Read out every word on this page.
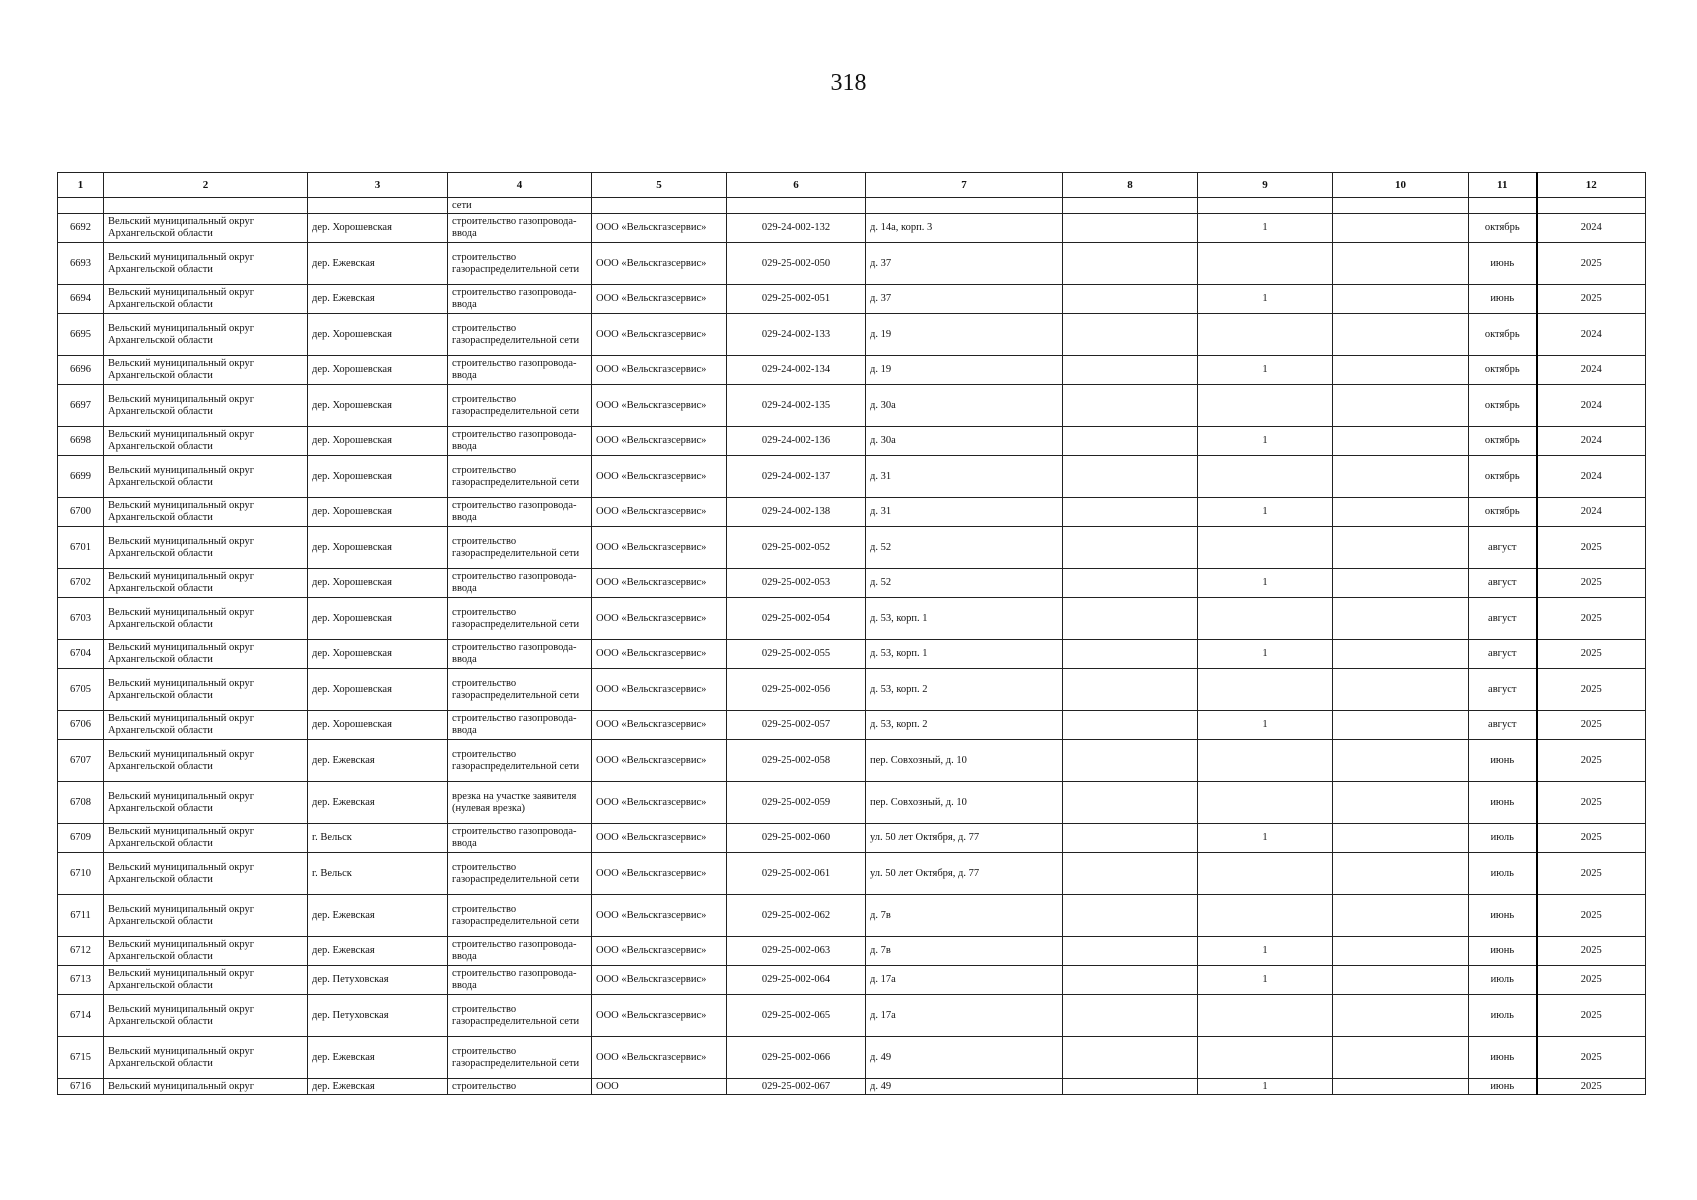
318
1	2	3	4	5	6	7	8	9	10	11	12
			сети								
6692	Вельский муниципальный округ Архангельской области	дер. Хорошевская	строительство газопровода-ввода	ООО «Вельскгазсервис»	029-24-002-132	д. 14а, корп. 3		1		октябрь	2024
6693	Вельский муниципальный округ Архангельской области	дер. Ежевская	строительство газораспределительной сети	ООО «Вельскгазсервис»	029-25-002-050	д. 37				июнь	2025
6694	Вельский муниципальный округ Архангельской области	дер. Ежевская	строительство газопровода-ввода	ООО «Вельскгазсервис»	029-25-002-051	д. 37		1		июнь	2025
6695	Вельский муниципальный округ Архангельской области	дер. Хорошевская	строительство газораспределительной сети	ООО «Вельскгазсервис»	029-24-002-133	д. 19				октябрь	2024
6696	Вельский муниципальный округ Архангельской области	дер. Хорошевская	строительство газопровода-ввода	ООО «Вельскгазсервис»	029-24-002-134	д. 19		1		октябрь	2024
6697	Вельский муниципальный округ Архангельской области	дер. Хорошевская	строительство газораспределительной сети	ООО «Вельскгазсервис»	029-24-002-135	д. 30а				октябрь	2024
6698	Вельский муниципальный округ Архангельской области	дер. Хорошевская	строительство газопровода-ввода	ООО «Вельскгазсервис»	029-24-002-136	д. 30а		1		октябрь	2024
6699	Вельский муниципальный округ Архангельской области	дер. Хорошевская	строительство газораспределительной сети	ООО «Вельскгазсервис»	029-24-002-137	д. 31				октябрь	2024
6700	Вельский муниципальный округ Архангельской области	дер. Хорошевская	строительство газопровода-ввода	ООО «Вельскгазсервис»	029-24-002-138	д. 31		1		октябрь	2024
6701	Вельский муниципальный округ Архангельской области	дер. Хорошевская	строительство газораспределительной сети	ООО «Вельскгазсервис»	029-25-002-052	д. 52				август	2025
6702	Вельский муниципальный округ Архангельской области	дер. Хорошевская	строительство газопровода-ввода	ООО «Вельскгазсервис»	029-25-002-053	д. 52		1		август	2025
6703	Вельский муниципальный округ Архангельской области	дер. Хорошевская	строительство газораспределительной сети	ООО «Вельскгазсервис»	029-25-002-054	д. 53, корп. 1				август	2025
6704	Вельский муниципальный округ Архангельской области	дер. Хорошевская	строительство газопровода-ввода	ООО «Вельскгазсервис»	029-25-002-055	д. 53, корп. 1		1		август	2025
6705	Вельский муниципальный округ Архангельской области	дер. Хорошевская	строительство газораспределительной сети	ООО «Вельскгазсервис»	029-25-002-056	д. 53, корп. 2				август	2025
6706	Вельский муниципальный округ Архангельской области	дер. Хорошевская	строительство газопровода-ввода	ООО «Вельскгазсервис»	029-25-002-057	д. 53, корп. 2		1		август	2025
6707	Вельский муниципальный округ Архангельской области	дер. Ежевская	строительство газораспределительной сети	ООО «Вельскгазсервис»	029-25-002-058	пер. Совхозный, д. 10				июнь	2025
6708	Вельский муниципальный округ Архангельской области	дер. Ежевская	врезка на участке заявителя (нулевая врезка)	ООО «Вельскгазсервис»	029-25-002-059	пер. Совхозный, д. 10				июнь	2025
6709	Вельский муниципальный округ Архангельской области	г. Вельск	строительство газопровода-ввода	ООО «Вельскгазсервис»	029-25-002-060	ул. 50 лет Октября, д. 77		1		июль	2025
6710	Вельский муниципальный округ Архангельской области	г. Вельск	строительство газораспределительной сети	ООО «Вельскгазсервис»	029-25-002-061	ул. 50 лет Октября, д. 77				июль	2025
6711	Вельский муниципальный округ Архангельской области	дер. Ежевская	строительство газораспределительной сети	ООО «Вельскгазсервис»	029-25-002-062	д. 7в				июнь	2025
6712	Вельский муниципальный округ Архангельской области	дер. Ежевская	строительство газопровода-ввода	ООО «Вельскгазсервис»	029-25-002-063	д. 7в		1		июнь	2025
6713	Вельский муниципальный округ Архангельской области	дер. Петуховская	строительство газопровода-ввода	ООО «Вельскгазсервис»	029-25-002-064	д. 17а		1		июль	2025
6714	Вельский муниципальный округ Архангельской области	дер. Петуховская	строительство газораспределительной сети	ООО «Вельскгазсервис»	029-25-002-065	д. 17а				июль	2025
6715	Вельский муниципальный округ Архангельской области	дер. Ежевская	строительство газораспределительной сети	ООО «Вельскгазсервис»	029-25-002-066	д. 49				июнь	2025
6716	Вельский муниципальный округ	дер. Ежевская	строительство	ООО	029-25-002-067	д. 49		1		июнь	2025
